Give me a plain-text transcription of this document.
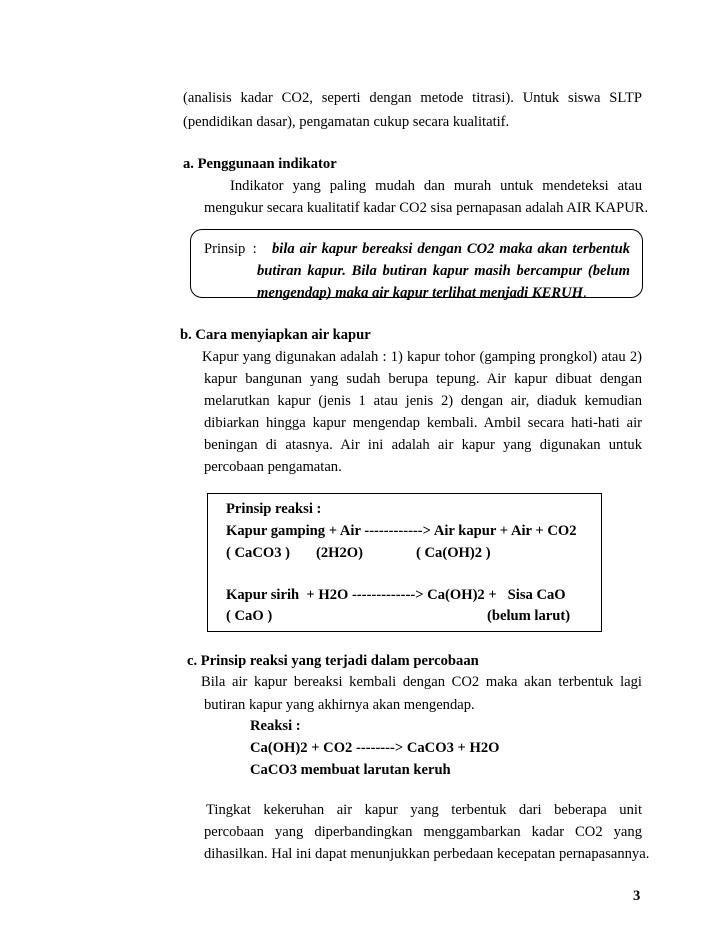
(analisis kadar CO2, seperti dengan metode titrasi). Untuk siswa SLTP
(pendidikan dasar), pengamatan cukup secara kualitatif.
a. Penggunaan indikator
Indikator yang paling mudah dan murah untuk mendeteksi atau
mengukur secara kualitatif kadar CO2 sisa pernapasan adalah AIR KAPUR.
Prinsip  : bila air kapur bereaksi dengan CO2 maka akan terbentuk
butiran kapur. Bila butiran kapur masih bercampur (belum
mengendap) maka air kapur terlihat menjadi KERUH.
b. Cara menyiapkan air kapur
Kapur yang digunakan adalah : 1) kapur tohor (gamping prongkol) atau 2)
kapur bangunan yang sudah berupa tepung. Air kapur dibuat dengan
melarutkan kapur (jenis 1 atau jenis 2) dengan air, diaduk kemudian
dibiarkan hingga kapur mengendap kembali. Ambil secara hati-hati air
beningan di atasnya. Air ini adalah air kapur yang digunakan untuk
percobaan pengamatan.
Prinsip reaksi :
Kapur gamping + Air ------------> Air kapur + Air + CO2
( CaCO3 ) (2H2O)	( Ca(OH)2 )
Kapur sirih  + H2O -------------> Ca(OH)2 +   Sisa CaO
( CaO )	(belum larut)
c. Prinsip reaksi yang terjadi dalam percobaan
Bila air kapur bereaksi kembali dengan CO2 maka akan terbentuk lagi
butiran kapur yang akhirnya akan mengendap.
Reaksi :
Ca(OH)2 + CO2 --------> CaCO3 + H2O
CaCO3 membuat larutan keruh
Tingkat kekeruhan air kapur yang terbentuk dari beberapa unit
percobaan yang diperbandingkan menggambarkan kadar CO2 yang
dihasilkan. Hal ini dapat menunjukkan perbedaan kecepatan pernapasannya.
3
